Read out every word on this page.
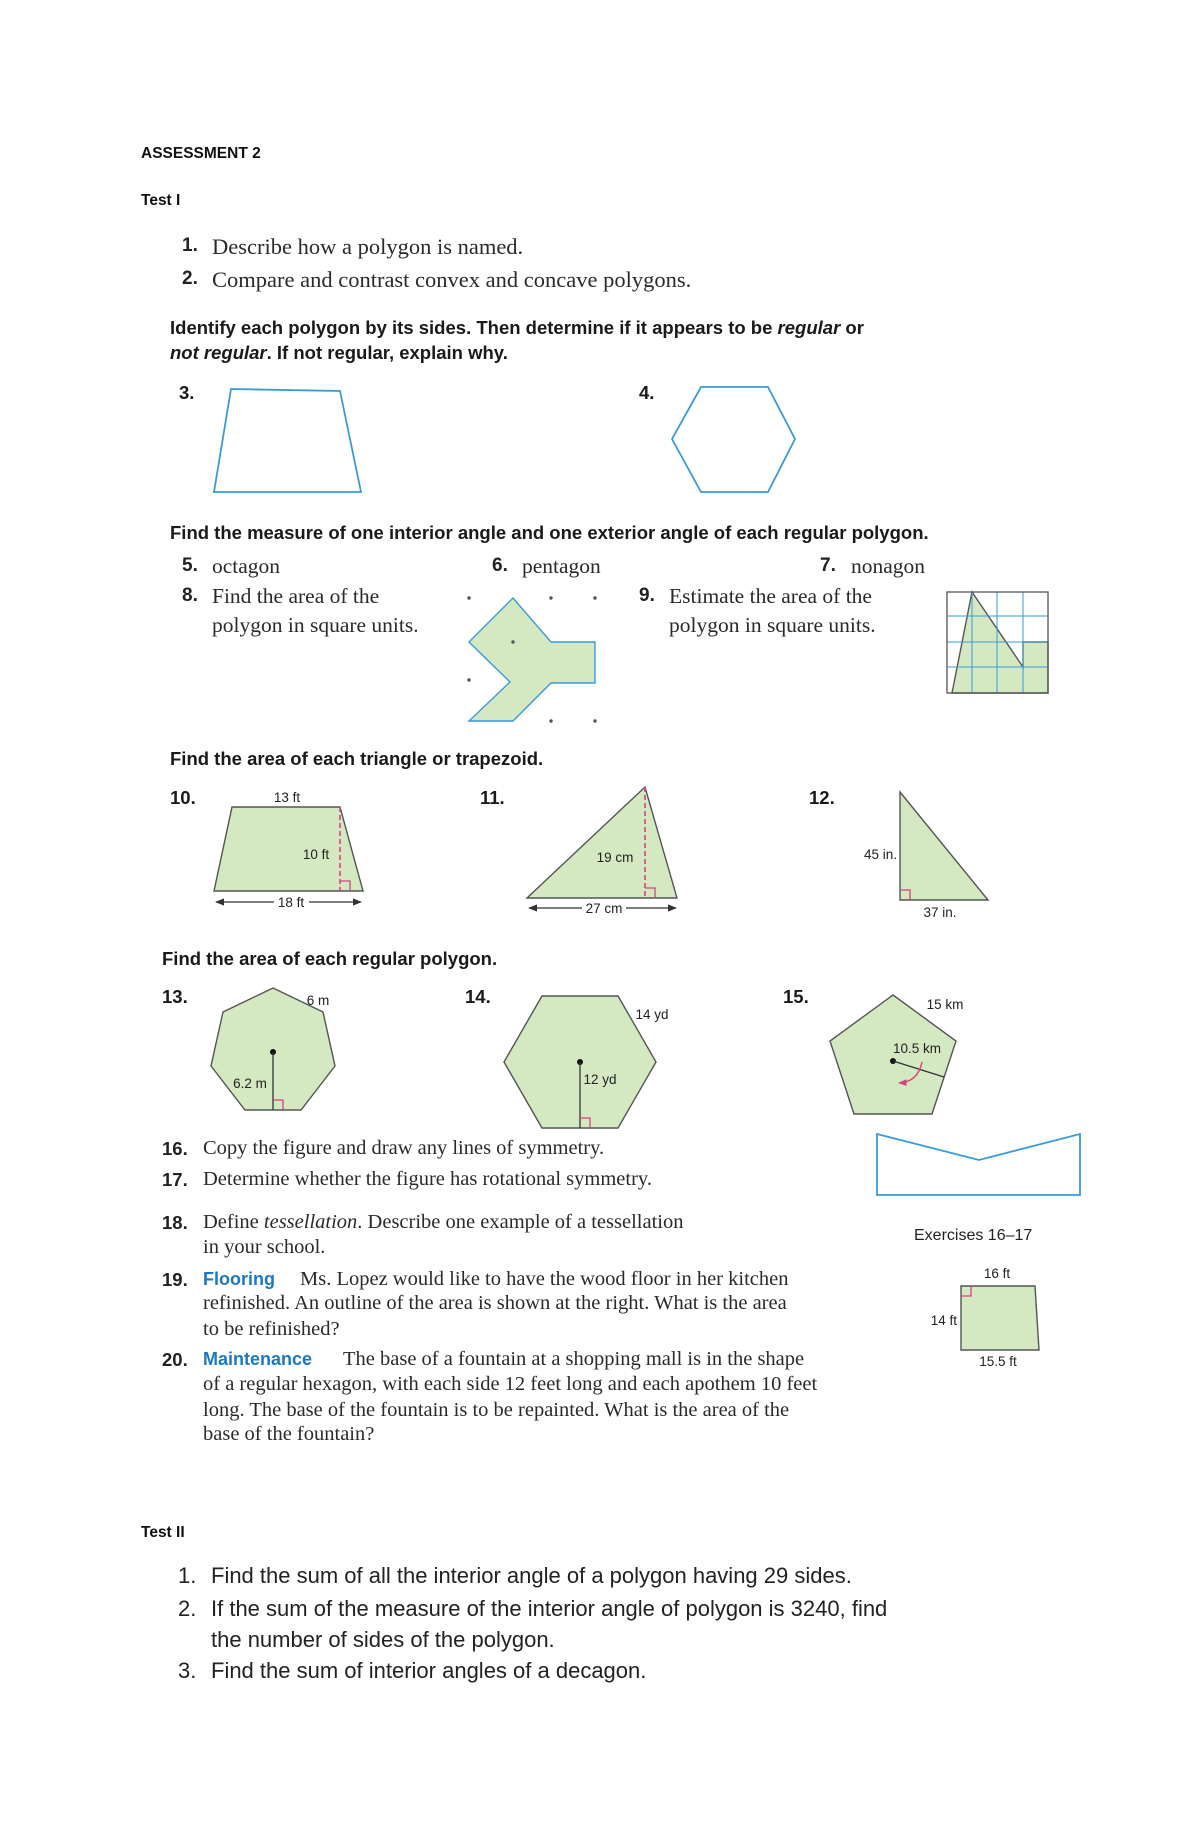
ASSESSMENT 2
Test I
1. Describe how a polygon is named.
2. Compare and contrast convex and concave polygons.
Identify each polygon by its sides. Then determine if it appears to be regular or
not regular. If not regular, explain why.
3.	4.
Find the measure of one interior angle and one exterior angle of each regular polygon.
5. octagon	6. pentagon	7. nonagon
8. Find the area of the
polygon in square units.
9. Estimate the area of the
polygon in square units.
Find the area of each triangle or trapezoid.
10.	11.	12.
Find the area of each regular polygon.
13.	14.	15.
16. Copy the figure and draw any lines of symmetry.
17. Determine whether the figure has rotational symmetry.
18. Define tessellation. Describe one example of a tessellation
in your school.
Exercises 16–17
19. Flooring Ms. Lopez would like to have the wood floor in her kitchen
refinished. An outline of the area is shown at the right. What is the area
to be refinished?
20. Maintenance The base of a fountain at a shopping mall is in the shape
of a regular hexagon, with each side 12 feet long and each apothem 10 feet
long. The base of the fountain is to be repainted. What is the area of the
base of the fountain?
Test II
1. Find the sum of all the interior angle of a polygon having 29 sides.
2. If the sum of the measure of the interior angle of polygon is 3240, find
the number of sides of the polygon.
3. Find the sum of interior angles of a decagon.
13 ft
10 ft
18 ft
19 cm
27 cm
45 in.
37 in.
6 m
6.2 m
14 yd
12 yd
15 km
10.5 km
16 ft
14 ft
15.5 ft
